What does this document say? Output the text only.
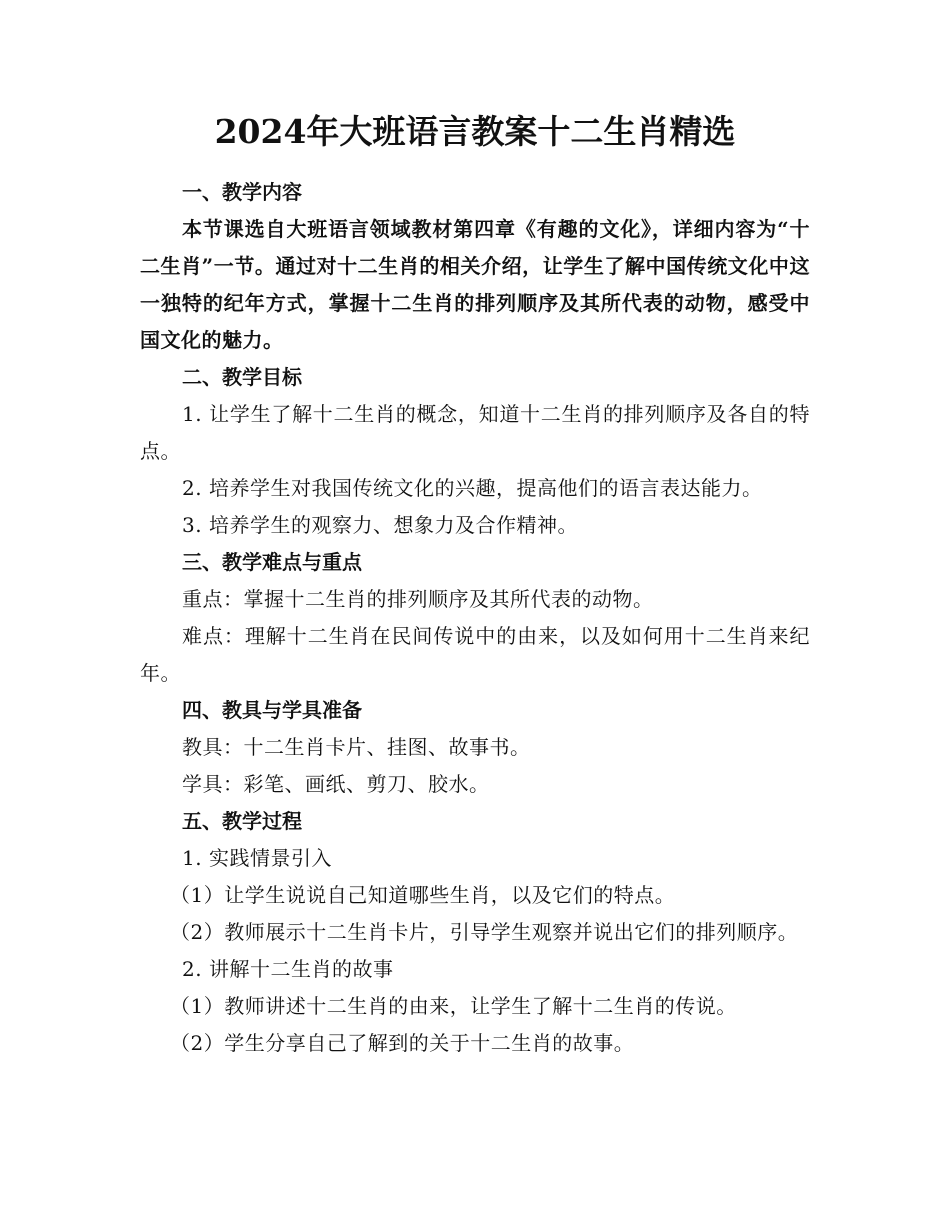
2024年大班语言教案十二生肖精选

一、教学内容

本节课选自大班语言领域教材第四章《有趣的文化》，详细内容为“十二生肖”一节。通过对十二生肖的相关介绍，让学生了解中国传统文化中这一独特的纪年方式，掌握十二生肖的排列顺序及其所代表的动物，感受中国文化的魅力。

二、教学目标

1. 让学生了解十二生肖的概念，知道十二生肖的排列顺序及各自的特点。

2. 培养学生对我国传统文化的兴趣，提高他们的语言表达能力。

3. 培养学生的观察力、想象力及合作精神。

三、教学难点与重点

重点：掌握十二生肖的排列顺序及其所代表的动物。

难点：理解十二生肖在民间传说中的由来，以及如何用十二生肖来纪年。

四、教具与学具准备

教具：十二生肖卡片、挂图、故事书。

学具：彩笔、画纸、剪刀、胶水。

五、教学过程

1. 实践情景引入

（1）让学生说说自己知道哪些生肖，以及它们的特点。

（2）教师展示十二生肖卡片，引导学生观察并说出它们的排列顺序。

2. 讲解十二生肖的故事

（1）教师讲述十二生肖的由来，让学生了解十二生肖的传说。

（2）学生分享自己了解到的关于十二生肖的故事。
